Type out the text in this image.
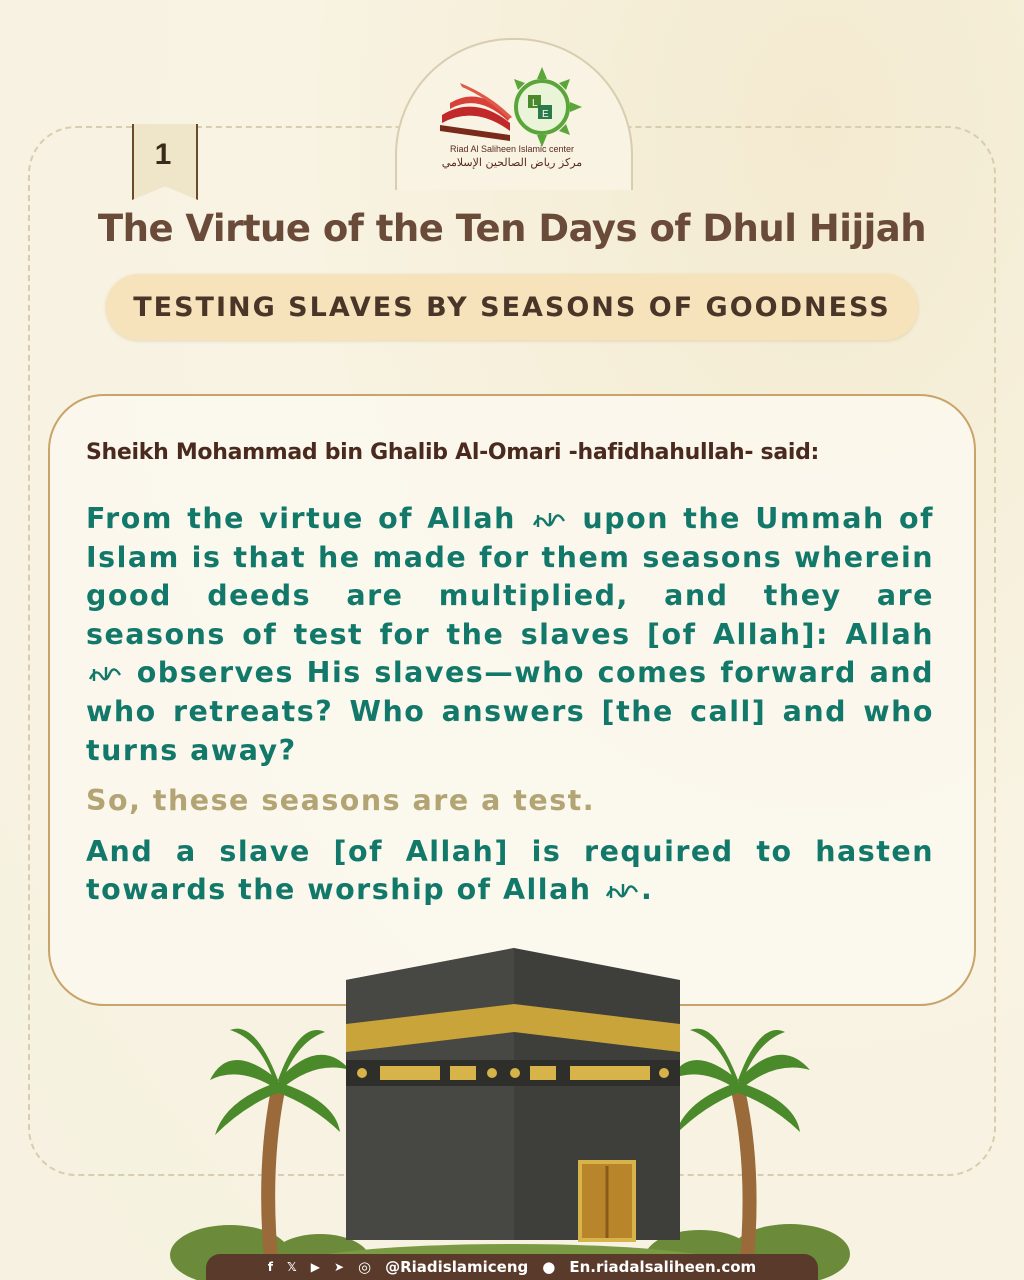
L
E
Riad Al Saliheen Islamic center
مركز رياض الصالحين الإسلامي
1
The Virtue of the Ten Days of Dhul Hijjah
TESTING SLAVES BY SEASONS OF GOODNESS
Sheikh Mohammad bin Ghalib Al-Omari -hafidhahullah- said:

From the virtue of Allah upon the Ummah of Islam is that he made for them seasons wherein good deeds are multiplied, and they are seasons of test for the slaves [of Allah]: Allah  observes His slaves—who comes forward and who retreats? Who answers [the call] and who turns away?

So, these seasons are a test.

And a slave [of Allah] is required to hasten towards the worship of Allah .

f 𝕏 ▶ ➤ ◎ @Riadislamiceng ● En.riadalsaliheen.com
